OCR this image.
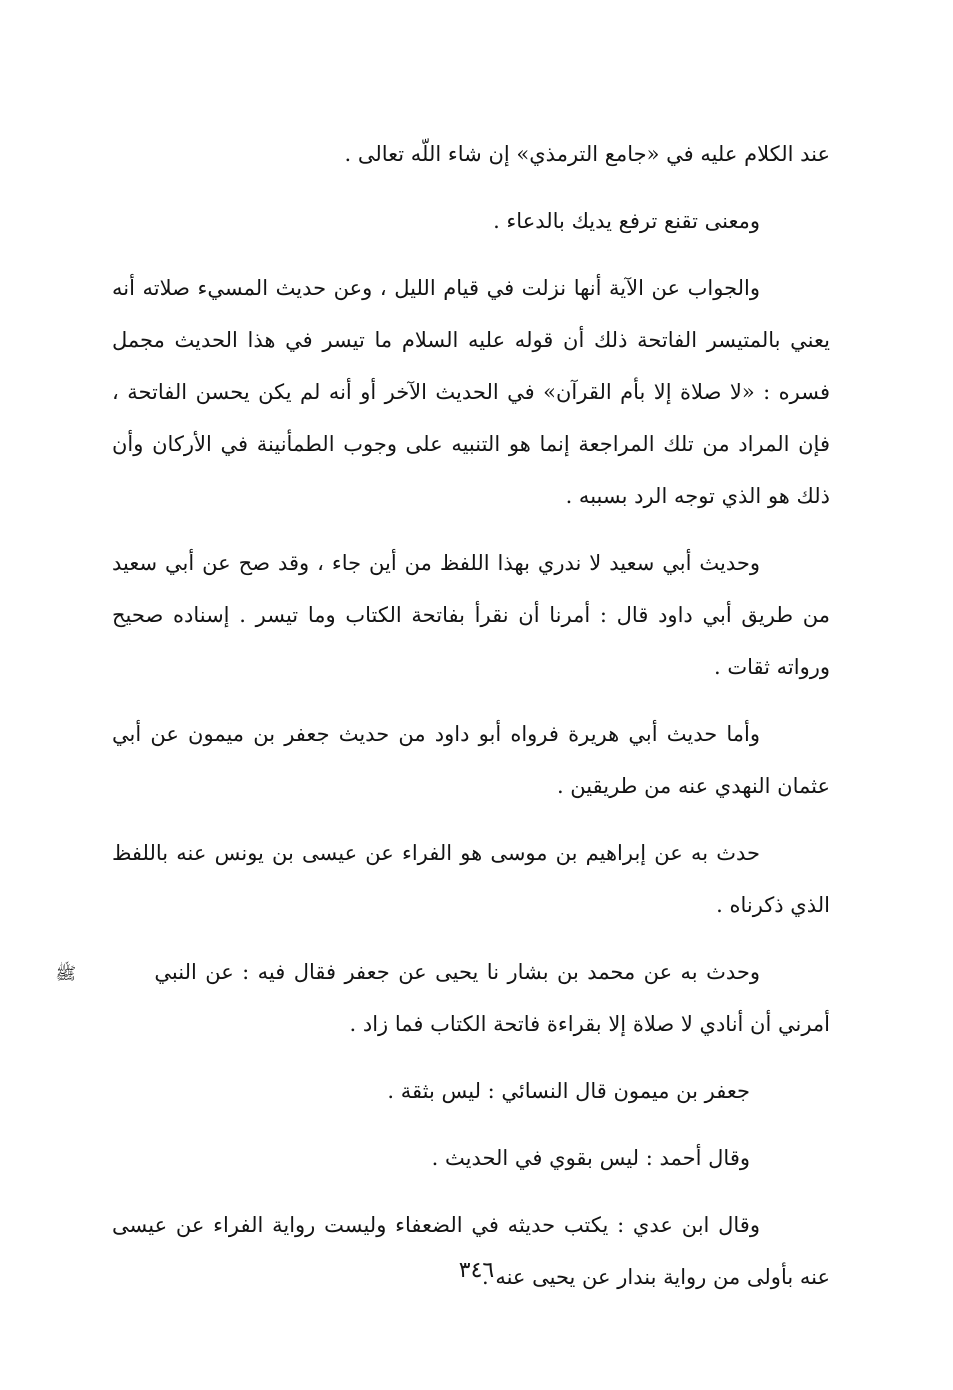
عند الكلام عليه في «جامع الترمذي» إن شاء اللّه تعالى .

ومعنى تقنع ترفع يديك بالدعاء .

والجواب عن الآية أنها نزلت في قيام الليل ، وعن حديث المسيء صلاته أنه يعني بالمتيسر الفاتحة ذلك أن قوله عليه السلام ما تيسر في هذا الحديث مجمل فسره : «لا صلاة إلا بأم القرآن» في الحديث الآخر أو أنه لم يكن يحسن الفاتحة ، فإن المراد من تلك المراجعة إنما هو التنبيه على وجوب الطمأنينة في الأركان وأن ذلك هو الذي توجه الرد بسببه .

وحديث أبي سعيد لا ندري بهذا اللفظ من أين جاء ، وقد صح عن أبي سعيد من طريق أبي داود قال : أمرنا أن نقرأ بفاتحة الكتاب وما تيسر . إسناده صحيح ورواته ثقات .

وأما حديث أبي هريرة فرواه أبو داود من حديث جعفر بن ميمون عن أبي عثمان النهدي عنه من طريقين .

حدث به عن إبراهيم بن موسى هو الفراء عن عيسى بن يونس عنه باللفظ الذي ذكرناه .

وحدث به عن محمد بن بشار نا يحيى عن جعفر فقال فيه : عن النبي ﷺ أمرني أن أنادي لا صلاة إلا بقراءة فاتحة الكتاب فما زاد .

جعفر بن ميمون قال النسائي : ليس بثقة .

وقال أحمد : ليس بقوي في الحديث .

وقال ابن عدي : يكتب حديثه في الضعفاء وليست رواية الفراء عن عيسى عنه بأولى من رواية بندار عن يحيى عنه .

٣٤٦
